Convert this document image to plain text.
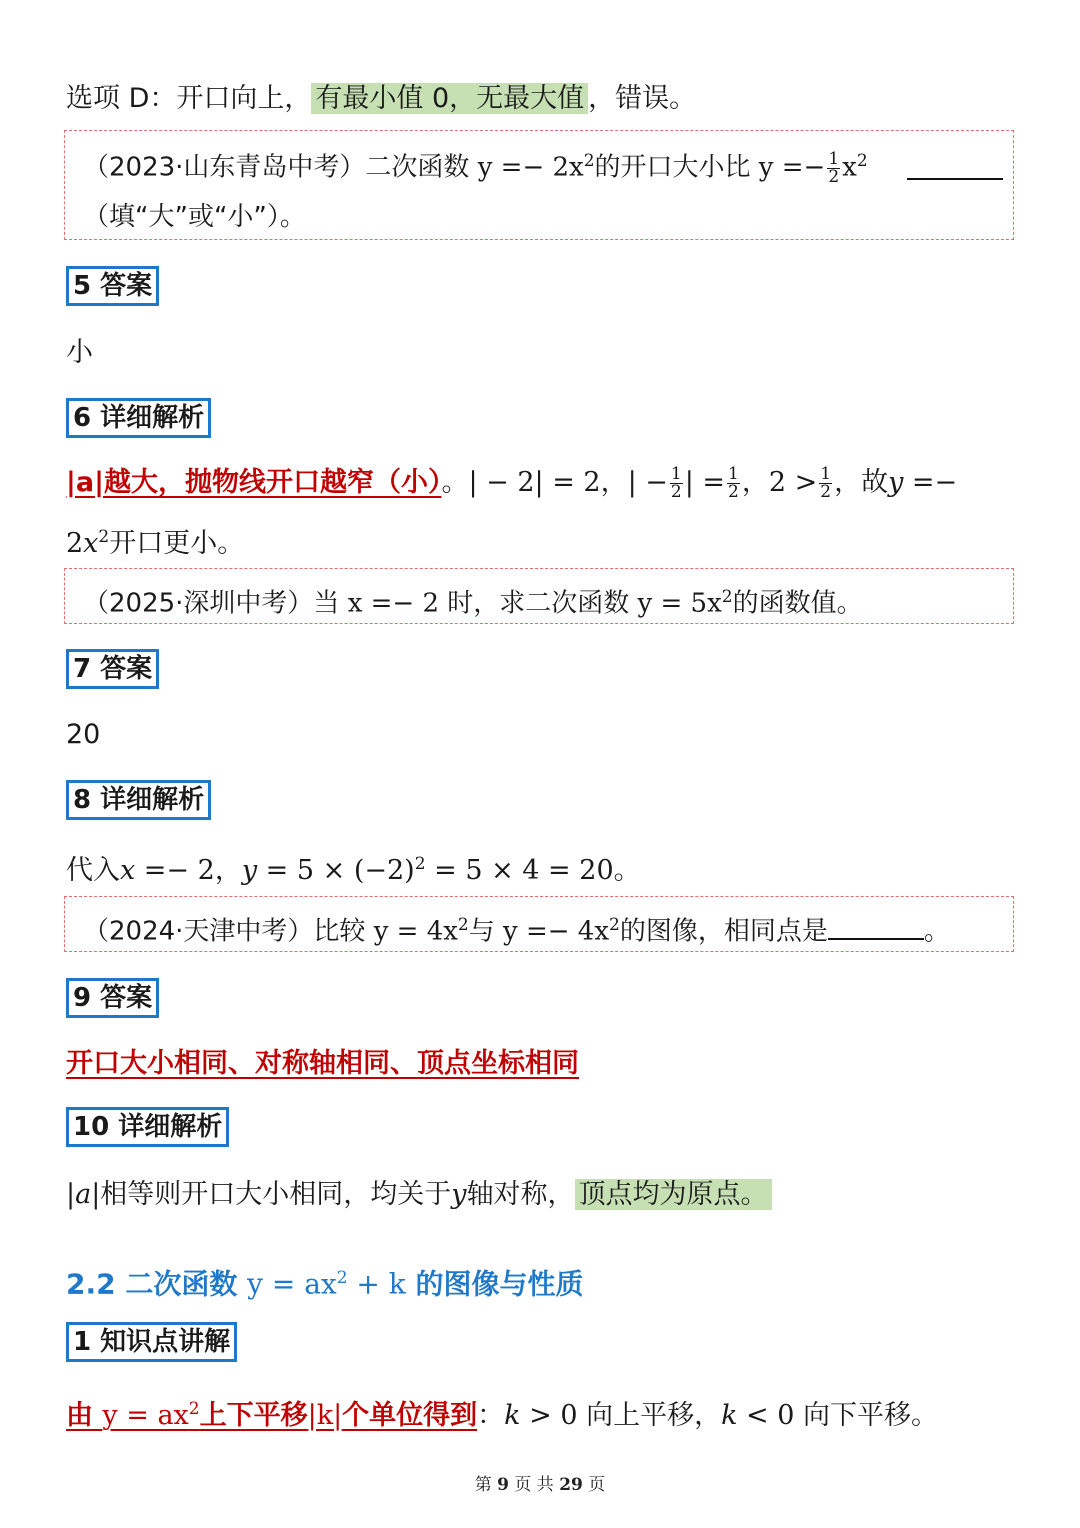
选项 D：开口向上， 有最小值 0，无最大值 ，错误。
（2023·山东青岛中考）二次函数 $y =- 2x^2$的开口大小比 $y =- \frac{1}{2} x^2$
（填“大”或“小”）。
5 答案
小
6 详细解析
|a|越大，抛物线开口越窄（小）。| − 2| = 2，| − $\frac{1}{2}$ | = $\frac{1}{2}$ ，$2 > \frac{1}{2}$ ，故𝑦 =−
2𝑥$^2$开口更小。
（2025·深圳中考）当 x =− 2 时，求二次函数 $y = 5x^2$的函数值。
7 答案
20
8 详细解析
代入𝑥 =− 2，𝑦 = $5 \times (-2)^2 = 5 \times 4 = 20$。
（2024·天津中考）比较 $y = 4x^2$与 $y =- 4x^2$的图像，相同点是	。
9 答案
开口大小相同、对称轴相同、顶点坐标相同
10 详细解析
|𝑎|相等则开口大小相同，均关于𝑦轴对称， 顶点均为原点。
2.2 二次函数 $y = ax^2 + k$ 的图像与性质
1 知识点讲解
由 $y = ax^2$上下平移|k|个单位得到：𝑘 > 0 向上平移，𝑘 < 0 向下平移。
第 9 页 共 29 页
